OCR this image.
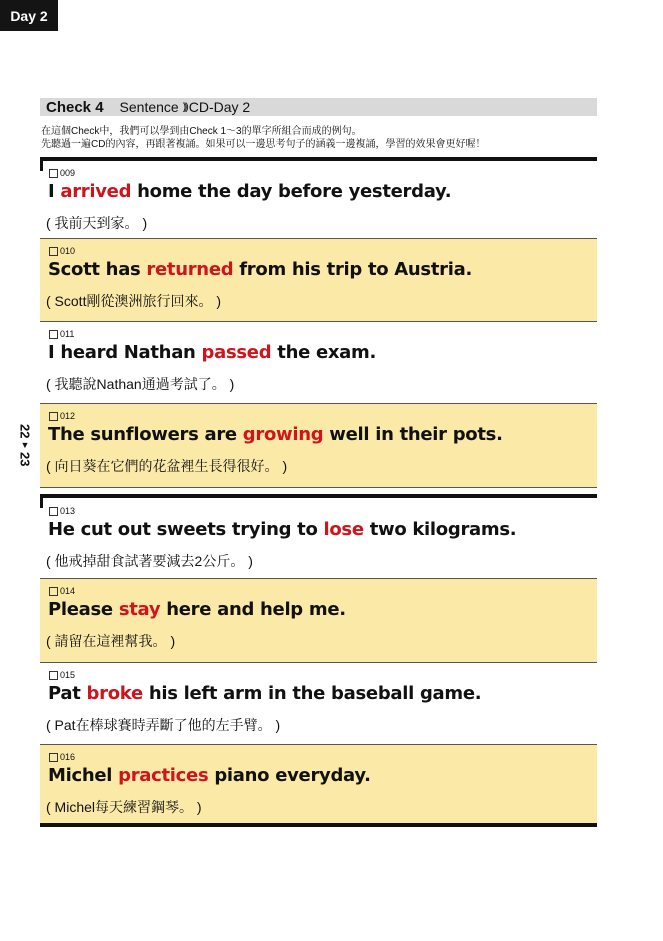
Day 2
Check 4 Sentence ))) CD-Day 2
在這個Check中，我們可以學到由Check 1～3的單字所組合而成的例句。
先聽過一遍CD的內容，再跟著複誦。如果可以一邊思考句子的涵義一邊複誦，學習的效果會更好喔！
22
▼
23
009
I arrived home the day before yesterday.
( 我前天到家。 )
010
Scott has returned from his trip to Austria.
( Scott剛從澳洲旅行回來。 )
011
I heard Nathan passed the exam.
( 我聽說Nathan通過考試了。 )
012
The sunflowers are growing well in their pots.
( 向日葵在它們的花盆裡生長得很好。 )
013
He cut out sweets trying to lose two kilograms.
( 他戒掉甜食試著要減去2公斤。 )
014
Please stay here and help me.
( 請留在這裡幫我。 )
015
Pat broke his left arm in the baseball game.
( Pat在棒球賽時弄斷了他的左手臂。 )
016
Michel practices piano everyday.
( Michel每天練習鋼琴。 )
